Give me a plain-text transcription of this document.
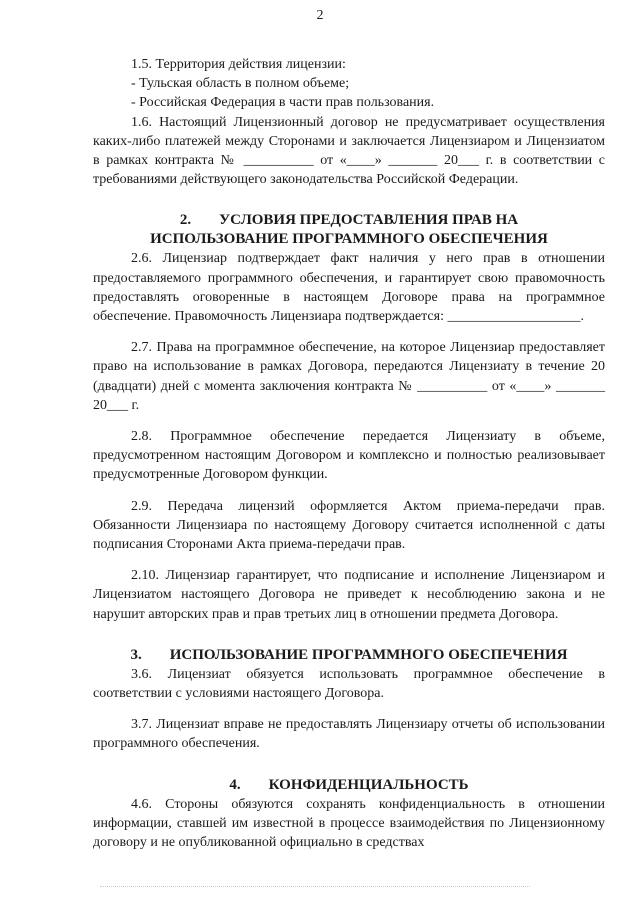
2

1.5. Территория действия лицензии:

- Тульская область в полном объеме;

- Российская Федерация в части прав пользования.

1.6. Настоящий Лицензионный договор не предусматривает осуществления каких-либо платежей между Сторонами и заключается Лицензиаром и Лицензиатом в рамках контракта № __________ от «____» _______ 20___ г. в соответствии с требованиями действующего законодательства Российской Федерации.

2. УСЛОВИЯ ПРЕДОСТАВЛЕНИЯ ПРАВ НА

ИСПОЛЬЗОВАНИЕ ПРОГРАММНОГО ОБЕСПЕЧЕНИЯ

2.6. Лицензиар подтверждает факт наличия у него прав в отношении предоставляемого программного обеспечения, и гарантирует свою правомочность предоставлять оговоренные в настоящем Договоре права на программное обеспечение. Правомочность Лицензиара подтверждается: ___________________.

2.7. Права на программное обеспечение, на которое Лицензиар предоставляет право на использование в рамках Договора, передаются Лицензиату в течение 20 (двадцати) дней с момента заключения контракта № __________ от «____» _______ 20___ г.

2.8. Программное обеспечение передается Лицензиату в объеме, предусмотренном настоящим Договором и комплексно и полностью реализовывает предусмотренные Договором функции.

2.9. Передача лицензий оформляется Актом приема-передачи прав. Обязанности Лицензиара по настоящему Договору считается исполненной с даты подписания Сторонами Акта приема-передачи прав.

2.10. Лицензиар гарантирует, что подписание и исполнение Лицензиаром и Лицензиатом настоящего Договора не приведет к несоблюдению закона и не нарушит авторских прав и прав третьих лиц в отношении предмета Договора.

3. ИСПОЛЬЗОВАНИЕ ПРОГРАММНОГО ОБЕСПЕЧЕНИЯ

3.6. Лицензиат обязуется использовать программное обеспечение в соответствии с условиями настоящего Договора.

3.7. Лицензиат вправе не предоставлять Лицензиару отчеты об использовании программного обеспечения.

4. КОНФИДЕНЦИАЛЬНОСТЬ

4.6. Стороны обязуются сохранять конфиденциальность в отношении информации, ставшей им известной в процессе взаимодействия по Лицензионному договору и не опубликованной официально в средствах
